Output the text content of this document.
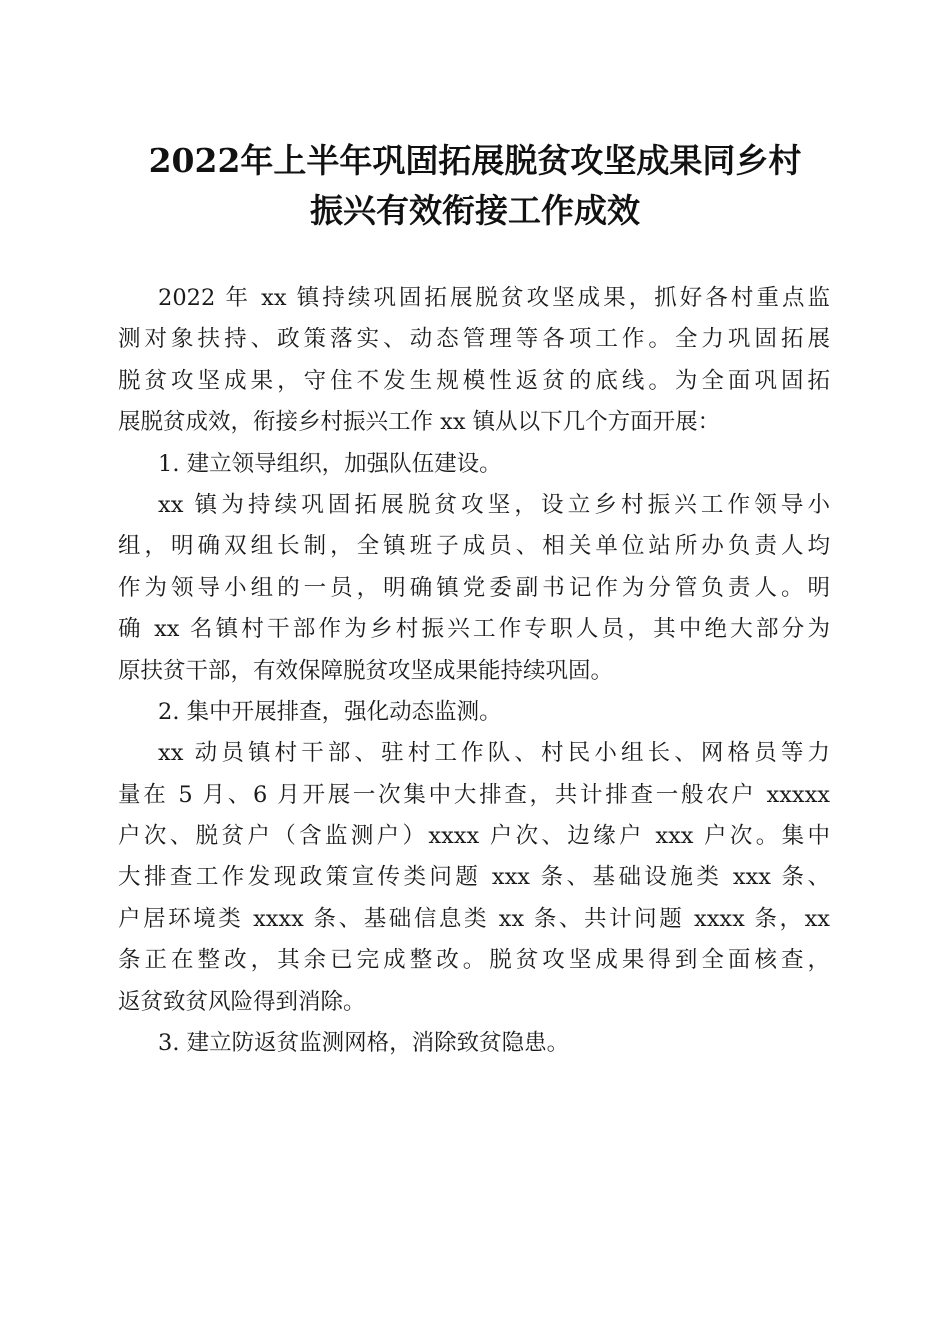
2022年上半年巩固拓展脱贫攻坚成果同乡村
振兴有效衔接工作成效
2022 年 xx 镇持续巩固拓展脱贫攻坚成果，抓好各村重点监
测对象扶持、政策落实、动态管理等各项工作。全力巩固拓展
脱贫攻坚成果，守住不发生规模性返贫的底线。为全面巩固拓
展脱贫成效，衔接乡村振兴工作 xx 镇从以下几个方面开展：
1. 建立领导组织，加强队伍建设。
xx 镇为持续巩固拓展脱贫攻坚，设立乡村振兴工作领导小
组，明确双组长制，全镇班子成员、相关单位站所办负责人均
作为领导小组的一员，明确镇党委副书记作为分管负责人。明
确 xx 名镇村干部作为乡村振兴工作专职人员，其中绝大部分为
原扶贫干部，有效保障脱贫攻坚成果能持续巩固。
2. 集中开展排查，强化动态监测。
xx 动员镇村干部、驻村工作队、村民小组长、网格员等力
量在 5 月、6 月开展一次集中大排查，共计排查一般农户 xxxxx
户次、脱贫户（含监测户）xxxx 户次、边缘户 xxx 户次。集中
大排查工作发现政策宣传类问题 xxx 条、基础设施类 xxx 条、
户居环境类 xxxx 条、基础信息类 xx 条、共计问题 xxxx 条，xx
条正在整改，其余已完成整改。脱贫攻坚成果得到全面核查，
返贫致贫风险得到消除。
3. 建立防返贫监测网格，消除致贫隐患。
